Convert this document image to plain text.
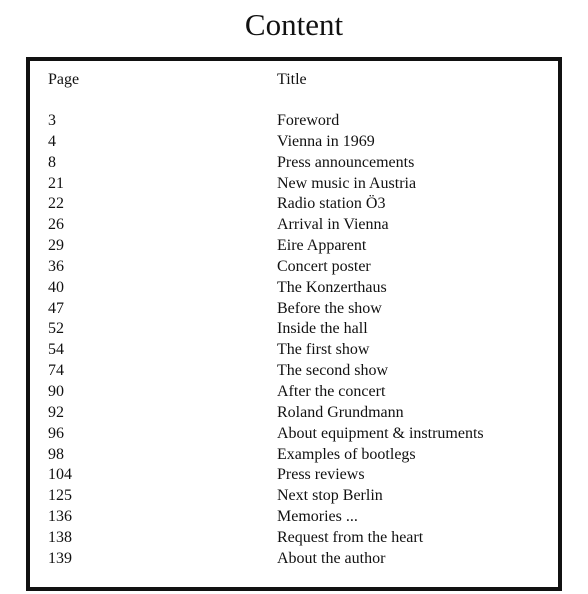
Content
Page	Title
3	Foreword
4	Vienna in 1969
8	Press announcements
21	New music in Austria
22	Radio station Ö3
26	Arrival in Vienna
29	Eire Apparent
36	Concert poster
40	The Konzerthaus
47	Before the show
52	Inside the hall
54	The first show
74	The second show
90	After the concert
92	Roland Grundmann
96	About equipment & instruments
98	Examples of bootlegs
104	Press reviews
125	Next stop Berlin
136	Memories ...
138	Request from the heart
139	About the author
